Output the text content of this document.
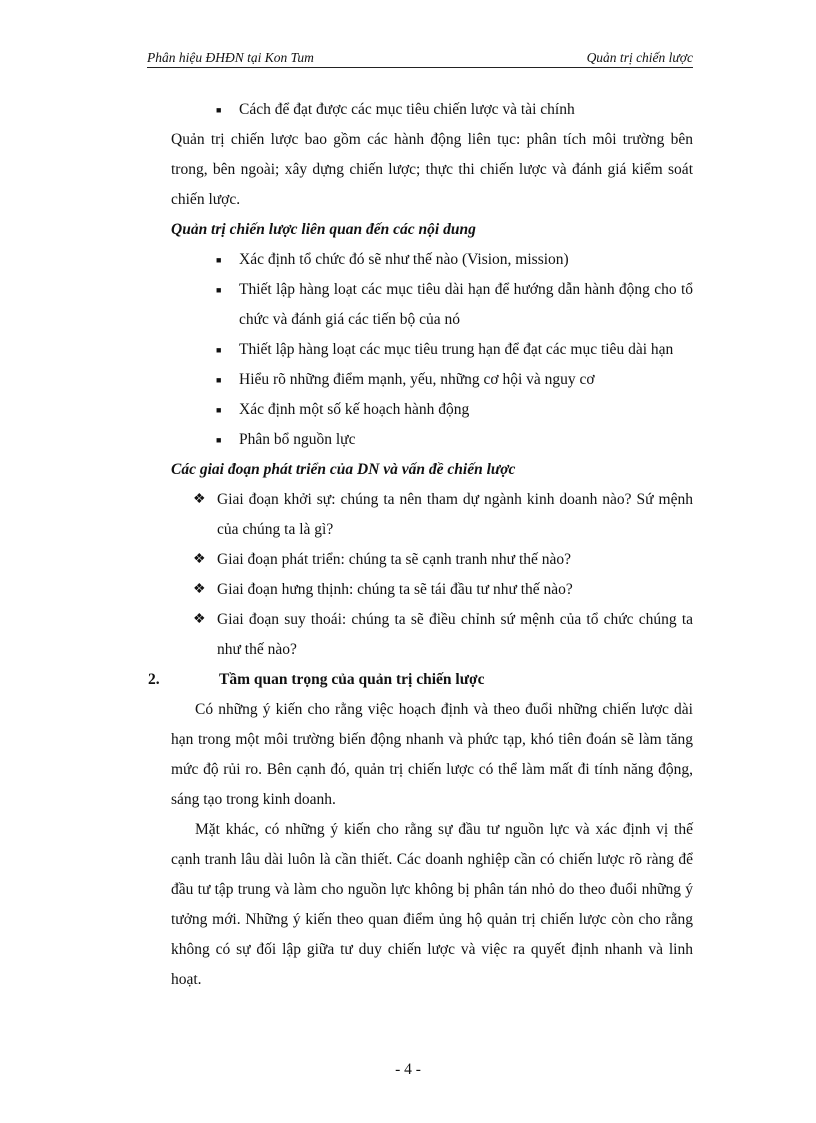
Phân hiệu ĐHĐN tại Kon Tum	Quản trị chiến lược

■ Cách để đạt được các mục tiêu chiến lược và tài chính

Quản trị chiến lược bao gồm các hành động liên tục: phân tích môi trường bên trong, bên ngoài; xây dựng chiến lược; thực thi chiến lược và đánh giá kiểm soát chiến lược.

Quản trị chiến lược liên quan đến các nội dung

■ Xác định tổ chức đó sẽ như thế nào (Vision, mission)

■ Thiết lập hàng loạt các mục tiêu dài hạn để hướng dẫn hành động cho tổ chức và đánh giá các tiến bộ của nó

■ Thiết lập hàng loạt các mục tiêu trung hạn để đạt các mục tiêu dài hạn

■ Hiểu rõ những điểm mạnh, yếu, những cơ hội và nguy cơ

■ Xác định một số kế hoạch hành động

■ Phân bổ nguồn lực

Các giai đoạn phát triển của DN và vấn đề chiến lược

❖ Giai đoạn khởi sự: chúng ta nên tham dự ngành kinh doanh nào? Sứ mệnh của chúng ta là gì?

❖ Giai đoạn phát triển: chúng ta sẽ cạnh tranh như thế nào?

❖ Giai đoạn hưng thịnh: chúng ta sẽ tái đầu tư như thế nào?

❖ Giai đoạn suy thoái: chúng ta sẽ điều chỉnh sứ mệnh của tổ chức chúng ta như thế nào?

2.	Tầm quan trọng của quản trị chiến lược

Có những ý kiến cho rằng việc hoạch định và theo đuổi những chiến lược dài hạn trong một môi trường biến động nhanh và phức tạp, khó tiên đoán sẽ làm tăng mức độ rủi ro. Bên cạnh đó, quản trị chiến lược có thể làm mất đi tính năng động, sáng tạo trong kinh doanh.

Mặt khác, có những ý kiến cho rằng sự đầu tư nguồn lực và xác định vị thế cạnh tranh lâu dài luôn là cần thiết. Các doanh nghiệp cần có chiến lược rõ ràng để đầu tư tập trung và làm cho nguồn lực không bị phân tán nhỏ do theo đuổi những ý tưởng mới. Những ý kiến theo quan điểm ủng hộ quản trị chiến lược còn cho rằng không có sự đối lập giữa tư duy chiến lược và việc ra quyết định nhanh và linh hoạt.

- 4 -
